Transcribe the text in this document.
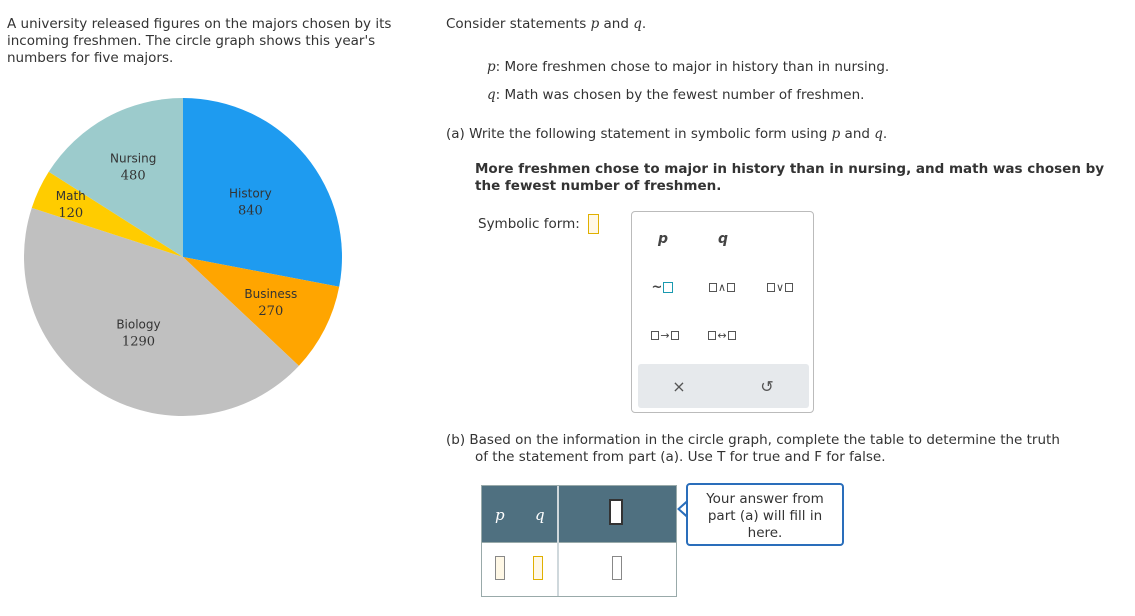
A university released figures on the majors chosen by its
incoming freshmen. The circle graph shows this year's
numbers for five majors.
History
840
Business
270
Biology
1290
Math
120
Nursing
480
Consider statements p and q.
p: More freshmen chose to major in history than in nursing.
q: Math was chosen by the fewest number of freshmen.
(a) Write the following statement in symbolic form using p and q.
More freshmen chose to major in history than in nursing, and math was chosen by the fewest number of freshmen.
Symbolic form:
p	q
~	∧	∨
→	↔
×	↺
(b) Based on the information in the circle graph, complete the table to determine the truth
of the statement from part (a). Use T for true and F for false.
p q
Your answer from
part (a) will fill in
here.
